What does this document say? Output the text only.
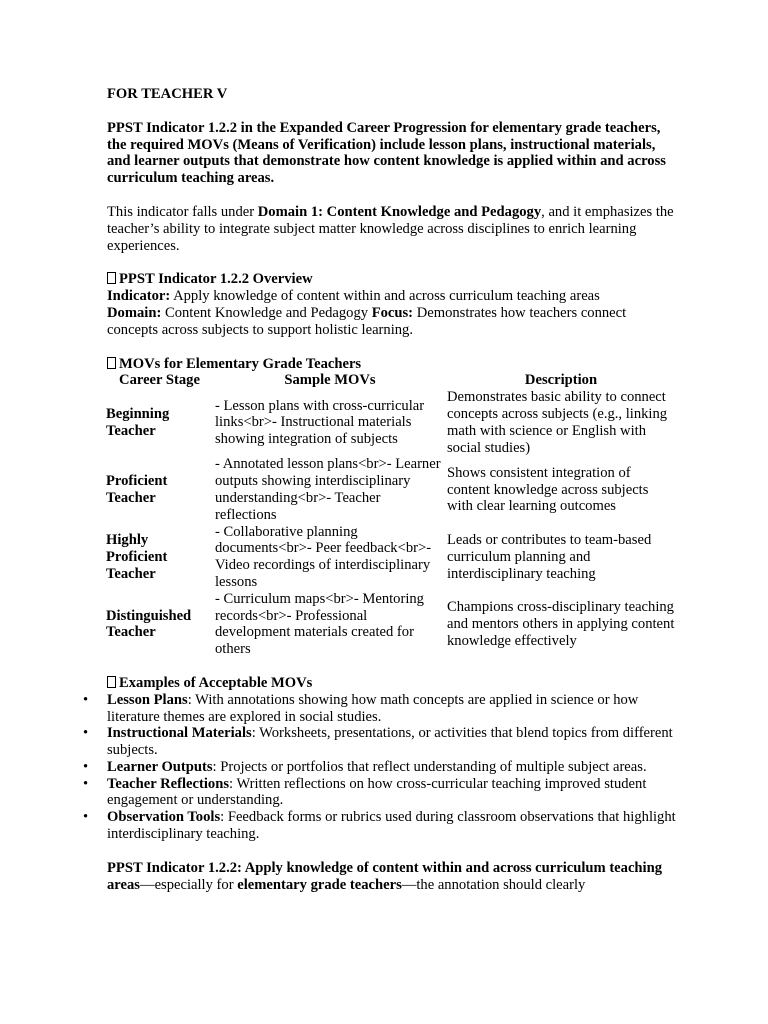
FOR TEACHER V

PPST Indicator 1.2.2 in the Expanded Career Progression for elementary grade teachers, the required MOVs (Means of Verification) include lesson plans, instructional materials, and learner outputs that demonstrate how content knowledge is applied within and across curriculum teaching areas.

This indicator falls under Domain 1: Content Knowledge and Pedagogy, and it emphasizes the teacher’s ability to integrate subject matter knowledge across disciplines to enrich learning experiences.

PPST Indicator 1.2.2 Overview

Indicator: Apply knowledge of content within and across curriculum teaching areas

Domain: Content Knowledge and Pedagogy Focus: Demonstrates how teachers connect concepts across subjects to support holistic learning.

MOVs for Elementary Grade Teachers

Career Stage	Sample MOVs	Description
Beginning Teacher	- Lesson plans with cross-curricular links<br>- Instructional materials showing integration of subjects	Demonstrates basic ability to connect concepts across subjects (e.g., linking math with science or English with social studies)
Proficient Teacher	- Annotated lesson plans<br>- Learner outputs showing interdisciplinary understanding<br>- Teacher reflections	Shows consistent integration of content knowledge across subjects with clear learning outcomes
Highly Proficient Teacher	- Collaborative planning documents<br>- Peer feedback<br>- Video recordings of interdisciplinary lessons	Leads or contributes to team-based curriculum planning and interdisciplinary teaching
Distinguished Teacher	- Curriculum maps<br>- Mentoring records<br>- Professional development materials created for others	Champions cross-disciplinary teaching and mentors others in applying content knowledge effectively

Examples of Acceptable MOVs

• Lesson Plans: With annotations showing how math concepts are applied in science or how literature themes are explored in social studies.
• Instructional Materials: Worksheets, presentations, or activities that blend topics from different subjects.
• Learner Outputs: Projects or portfolios that reflect understanding of multiple subject areas.
• Teacher Reflections: Written reflections on how cross-curricular teaching improved student engagement or understanding.
• Observation Tools: Feedback forms or rubrics used during classroom observations that highlight interdisciplinary teaching.

PPST Indicator 1.2.2: Apply knowledge of content within and across curriculum teaching areas—especially for elementary grade teachers—the annotation should clearly
